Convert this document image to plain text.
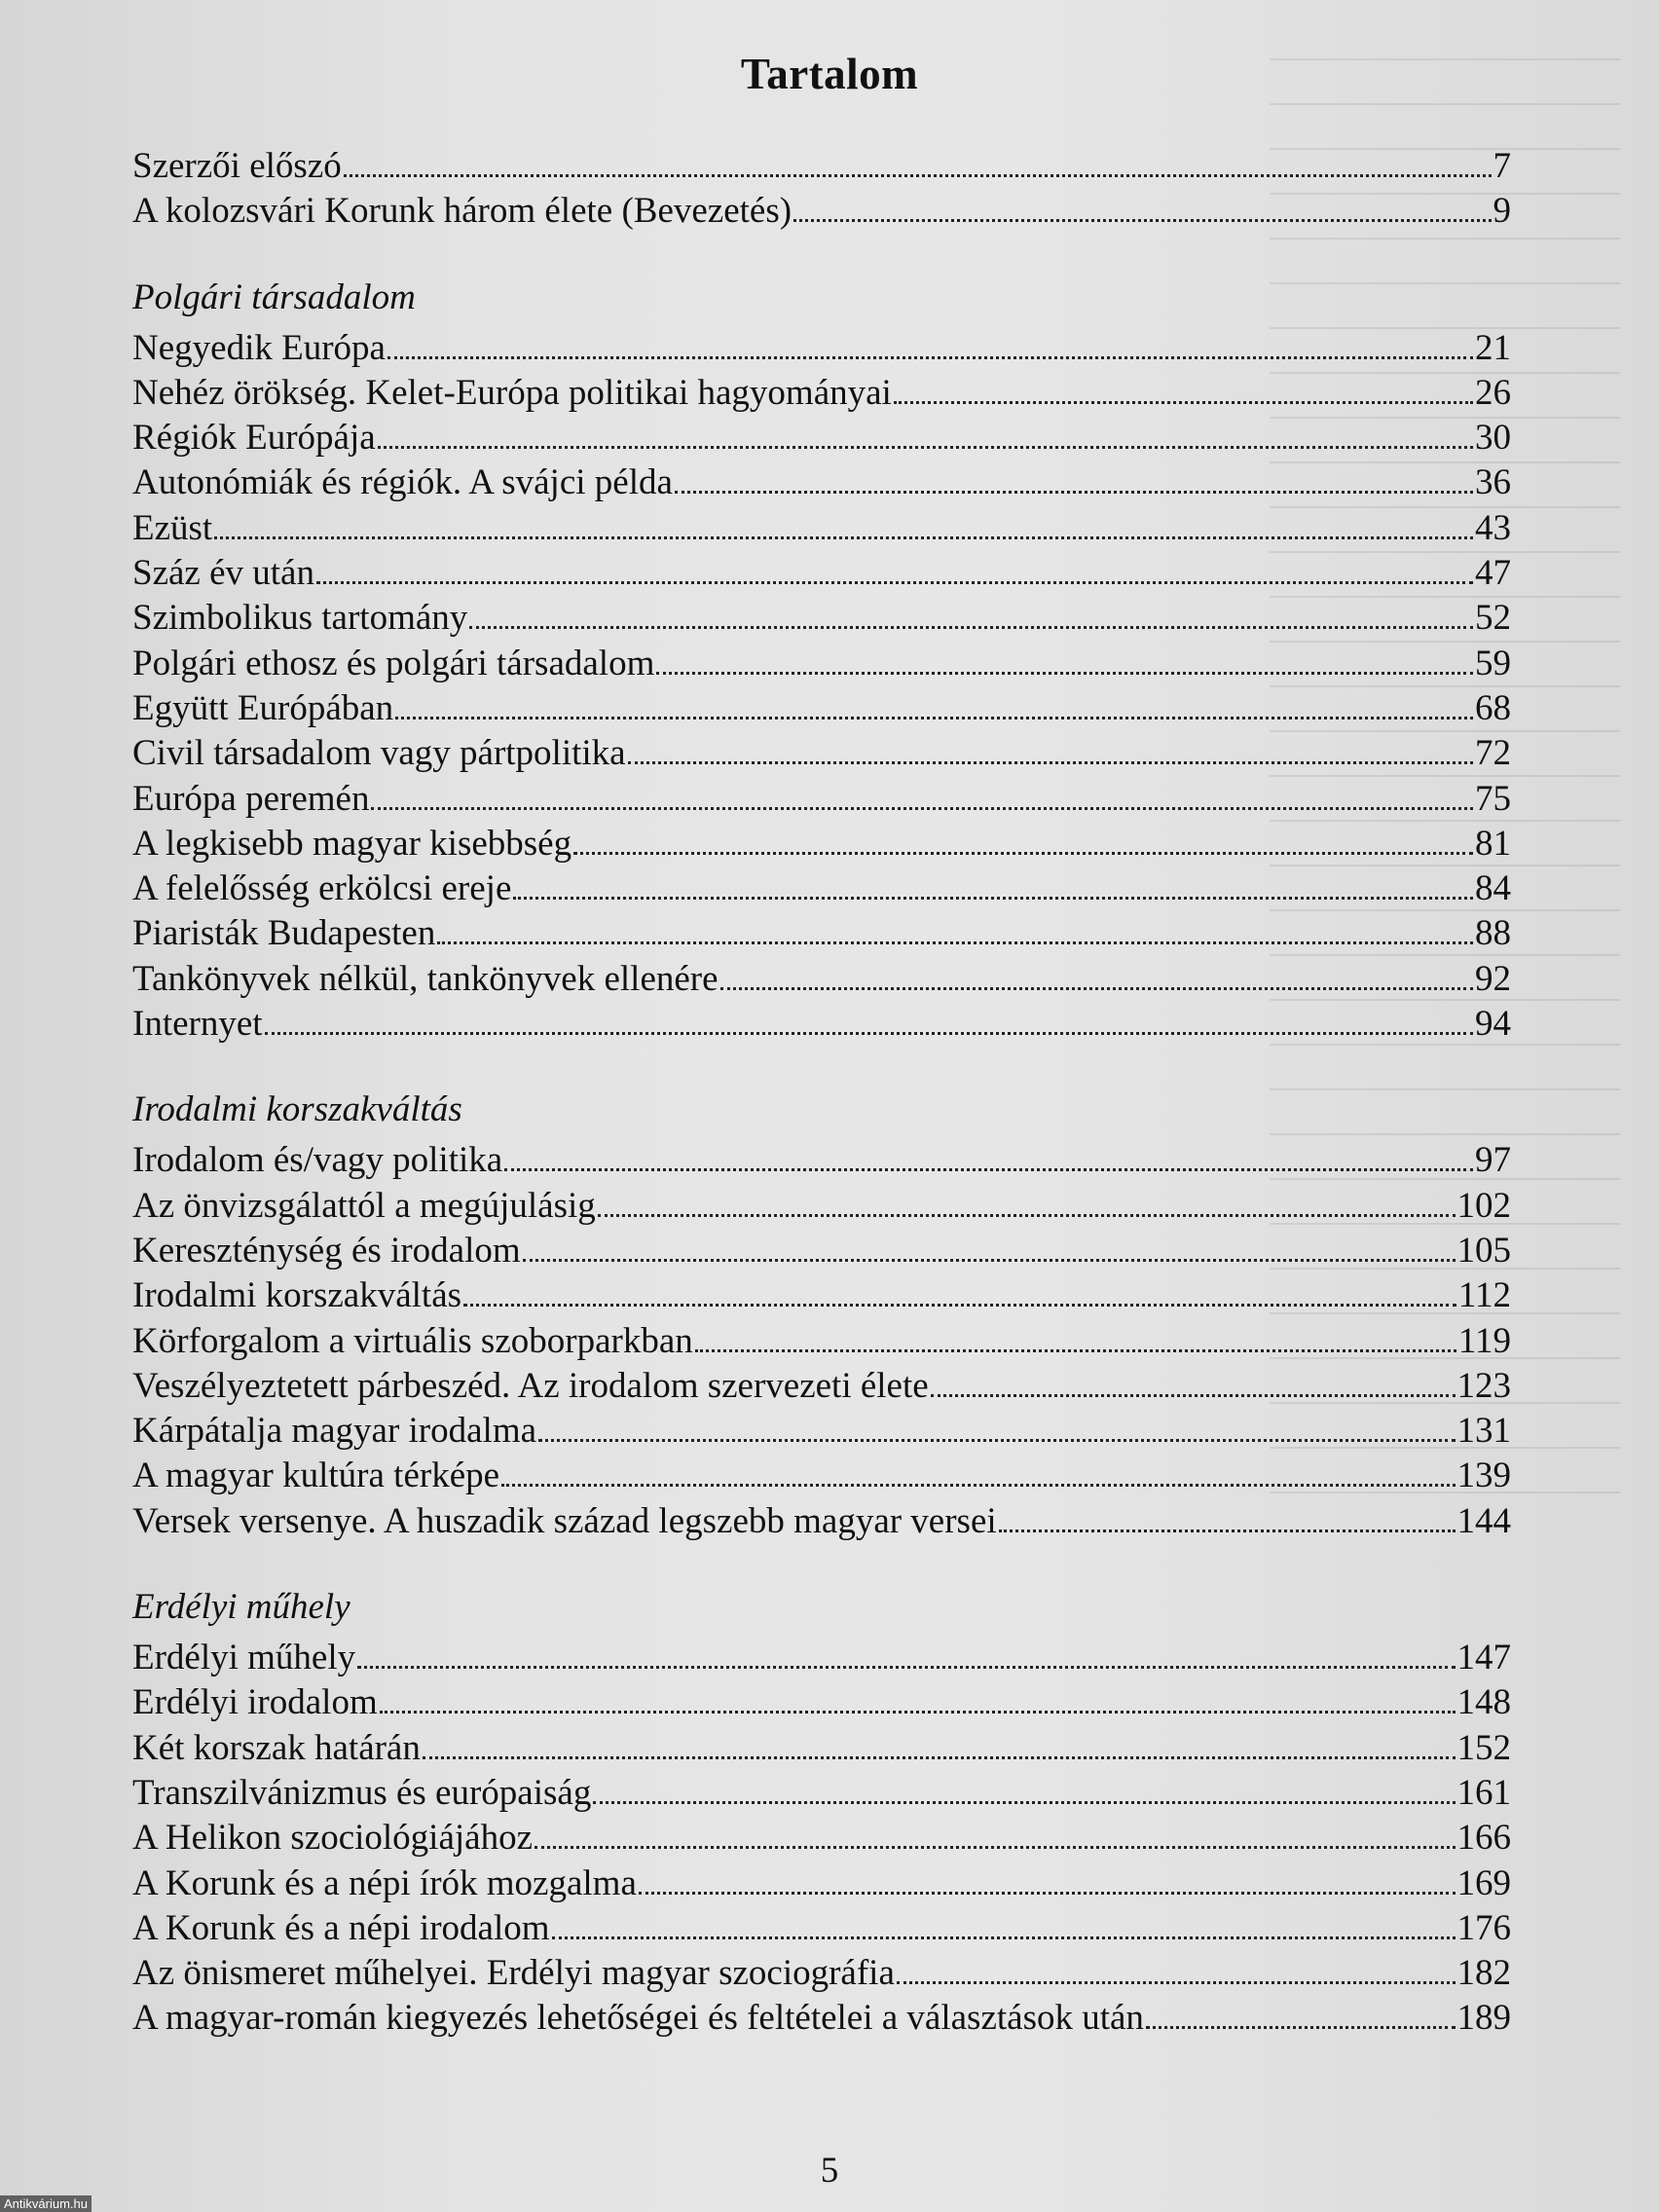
Tartalom
Szerzői előszó	7
A kolozsvári Korunk három élete (Bevezetés)	9
Polgári társadalom
Negyedik Európa	21
Nehéz örökség. Kelet-Európa politikai hagyományai	26
Régiók Európája	30
Autonómiák és régiók. A svájci példa	36
Ezüst	43
Száz év után	47
Szimbolikus tartomány	52
Polgári ethosz és polgári társadalom	59
Együtt Európában	68
Civil társadalom vagy pártpolitika	72
Európa peremén	75
A legkisebb magyar kisebbség	81
A felelősség erkölcsi ereje	84
Piaristák Budapesten	88
Tankönyvek nélkül, tankönyvek ellenére	92
Internyet	94
Irodalmi korszakváltás
Irodalom és/vagy politika	97
Az önvizsgálattól a megújulásig	102
Kereszténység és irodalom	105
Irodalmi korszakváltás	112
Körforgalom a virtuális szoborparkban	119
Veszélyeztetett párbeszéd. Az irodalom szervezeti élete	123
Kárpátalja magyar irodalma	131
A magyar kultúra térképe	139
Versek versenye. A huszadik század legszebb magyar versei	144
Erdélyi műhely
Erdélyi műhely	147
Erdélyi irodalom	148
Két korszak határán	152
Transzilvánizmus és európaiság	161
A Helikon szociológiájához	166
A Korunk és a népi írók mozgalma	169
A Korunk és a népi irodalom	176
Az önismeret műhelyei. Erdélyi magyar szociográfia	182
A magyar-román kiegyezés lehetőségei és feltételei a választások után	189
5
Antikvárium.hu
